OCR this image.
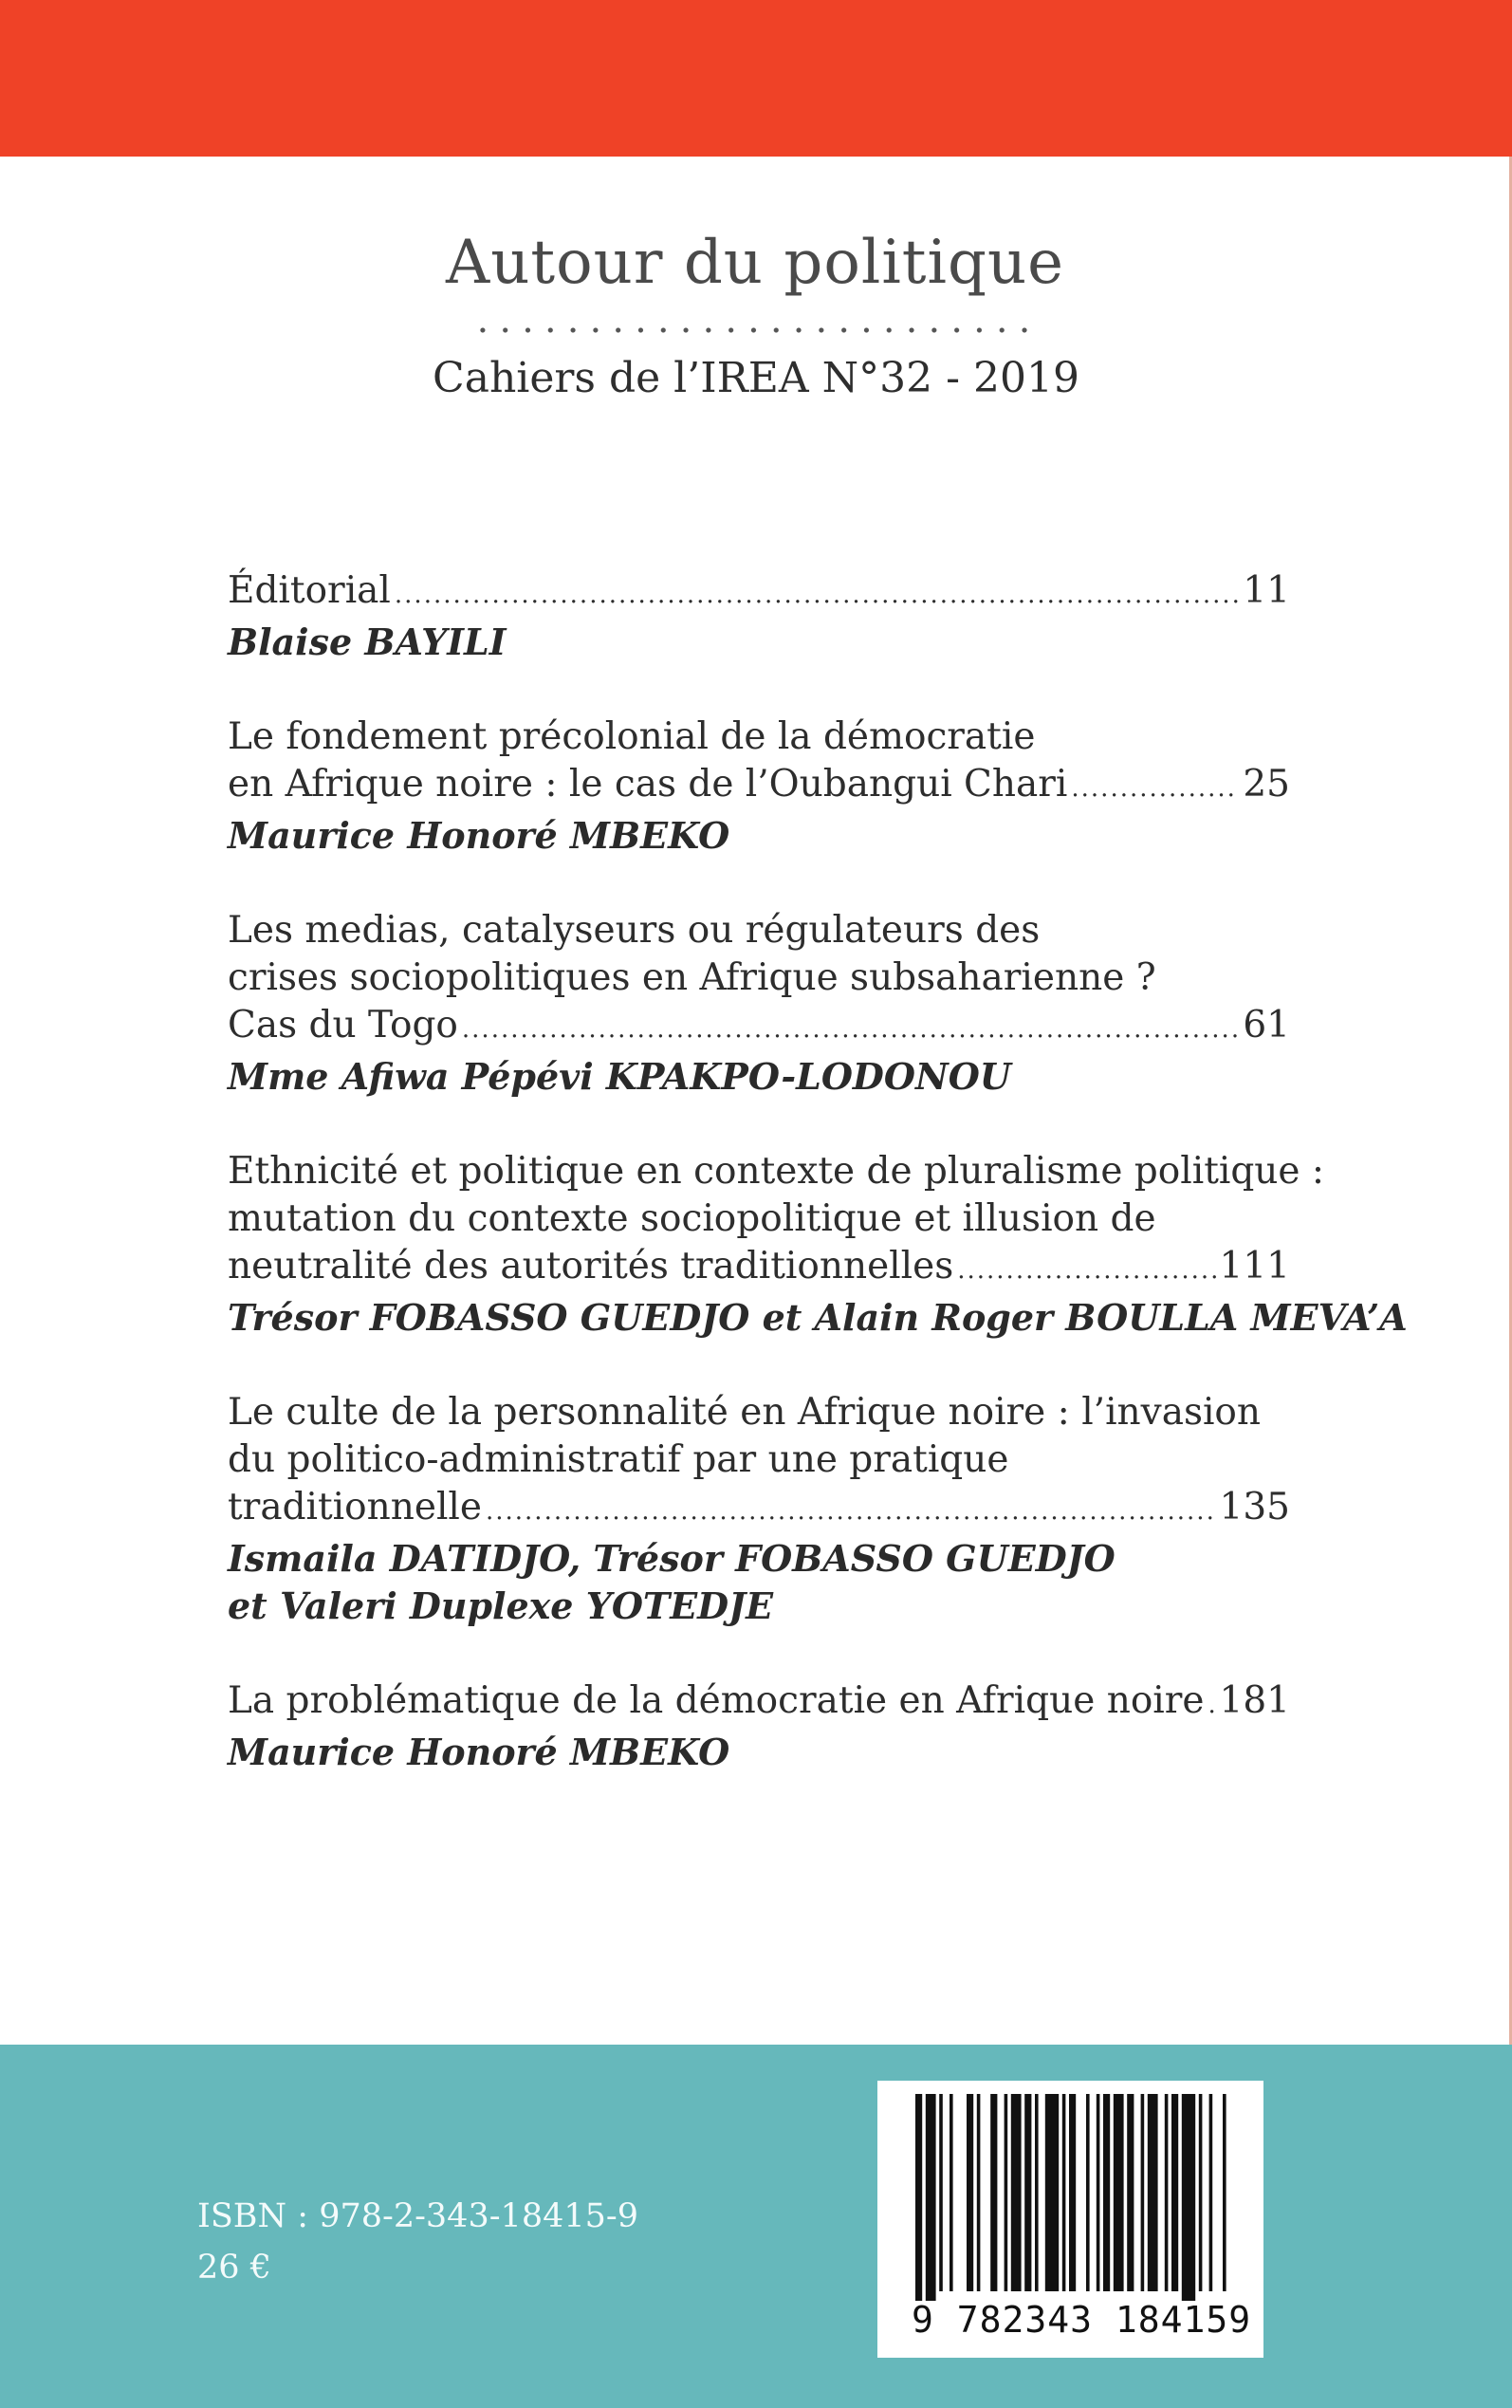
Autour du politique
Cahiers de l’IREA N°32 - 2019
Éditorial .....	11
Blaise BAYILI
Le fondement précolonial de la démocratie
en Afrique noire : le cas de l’Oubangui Chari .....	25
Maurice Honoré MBEKO
Les medias, catalyseurs ou régulateurs des
crises sociopolitiques en Afrique subsaharienne ?
Cas du Togo .....	61
Mme Afiwa Pépévi KPAKPO-LODONOU
Ethnicité et politique en contexte de pluralisme politique :
mutation du contexte sociopolitique et illusion de
neutralité des autorités traditionnelles .....	111
Trésor FOBASSO GUEDJO et Alain Roger BOULLA MEVA’A
Le culte de la personnalité en Afrique noire : l’invasion
du politico-administratif par une pratique
traditionnelle .....	135
Ismaila DATIDJO, Trésor FOBASSO GUEDJO
et Valeri Duplexe YOTEDJE
La problématique de la démocratie en Afrique noire ..... 181
Maurice Honoré MBEKO
ISBN : 978-2-343-18415-9
26 €
9 782343 184159
